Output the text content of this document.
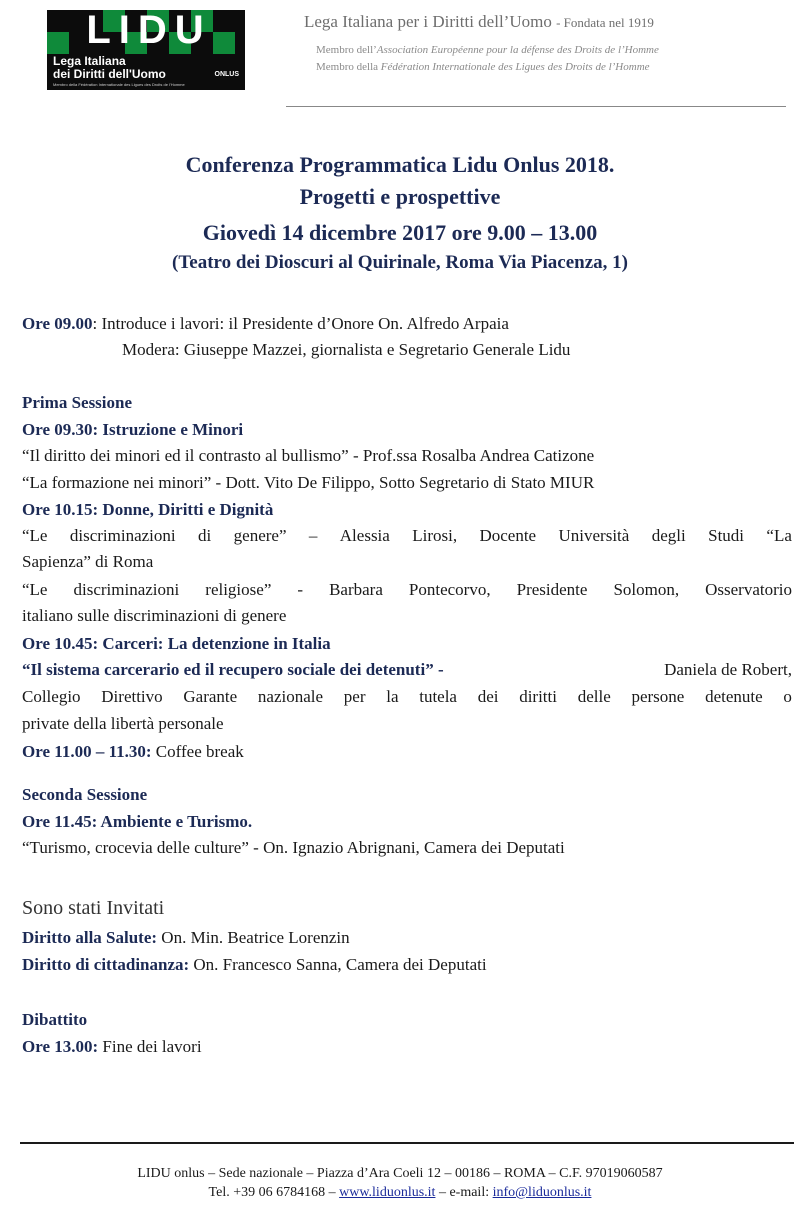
LIDU
Lega Italiana
dei Diritti dell'Uomo	ONLUS
Membro della Fédération Internationale des Ligues des Droits de l'Homme
Lega Italiana per i Diritti dell’Uomo - Fondata nel 1919
Membro dell’Association Européenne pour la défense des Droits de l’Homme
Membro della Fédération Internationale des Ligues des Droits de l’Homme
Conferenza Programmatica Lidu Onlus 2018.
Progetti e prospettive
Giovedì 14 dicembre 2017 ore 9.00 – 13.00
(Teatro dei Dioscuri al Quirinale, Roma Via Piacenza, 1)
Ore 09.00: Introduce i lavori: il Presidente d’Onore On. Alfredo Arpaia
Modera: Giuseppe Mazzei, giornalista e Segretario Generale Lidu
Prima Sessione
Ore 09.30: Istruzione e Minori
“Il diritto dei minori ed il contrasto al bullismo” - Prof.ssa Rosalba Andrea Catizone
“La formazione nei minori” - Dott. Vito De Filippo, Sotto Segretario di Stato MIUR
Ore 10.15: Donne, Diritti e Dignità
“Le discriminazioni di genere” – Alessia Lirosi, Docente Università degli Studi “La
Sapienza” di Roma
“Le discriminazioni religiose” - Barbara Pontecorvo, Presidente Solomon, Osservatorio
italiano sulle discriminazioni di genere
Ore 10.45: Carceri: La detenzione in Italia
“Il sistema carcerario ed il recupero sociale dei detenuti” -	Daniela de Robert,
Collegio Direttivo Garante nazionale per la tutela dei diritti delle persone detenute o
private della libertà personale
Ore 11.00 – 11.30: Coffee break
Seconda Sessione
Ore 11.45: Ambiente e Turismo.
“Turismo, crocevia delle culture” - On. Ignazio Abrignani, Camera dei Deputati
Sono stati Invitati
Diritto alla Salute: On. Min. Beatrice Lorenzin
Diritto di cittadinanza: On. Francesco Sanna, Camera dei Deputati
Dibattito
Ore 13.00: Fine dei lavori
LIDU onlus – Sede nazionale – Piazza d’Ara Coeli 12 – 00186 – ROMA – C.F. 97019060587
Tel. +39 06 6784168 – www.liduonlus.it – e-mail: info@liduonlus.it
